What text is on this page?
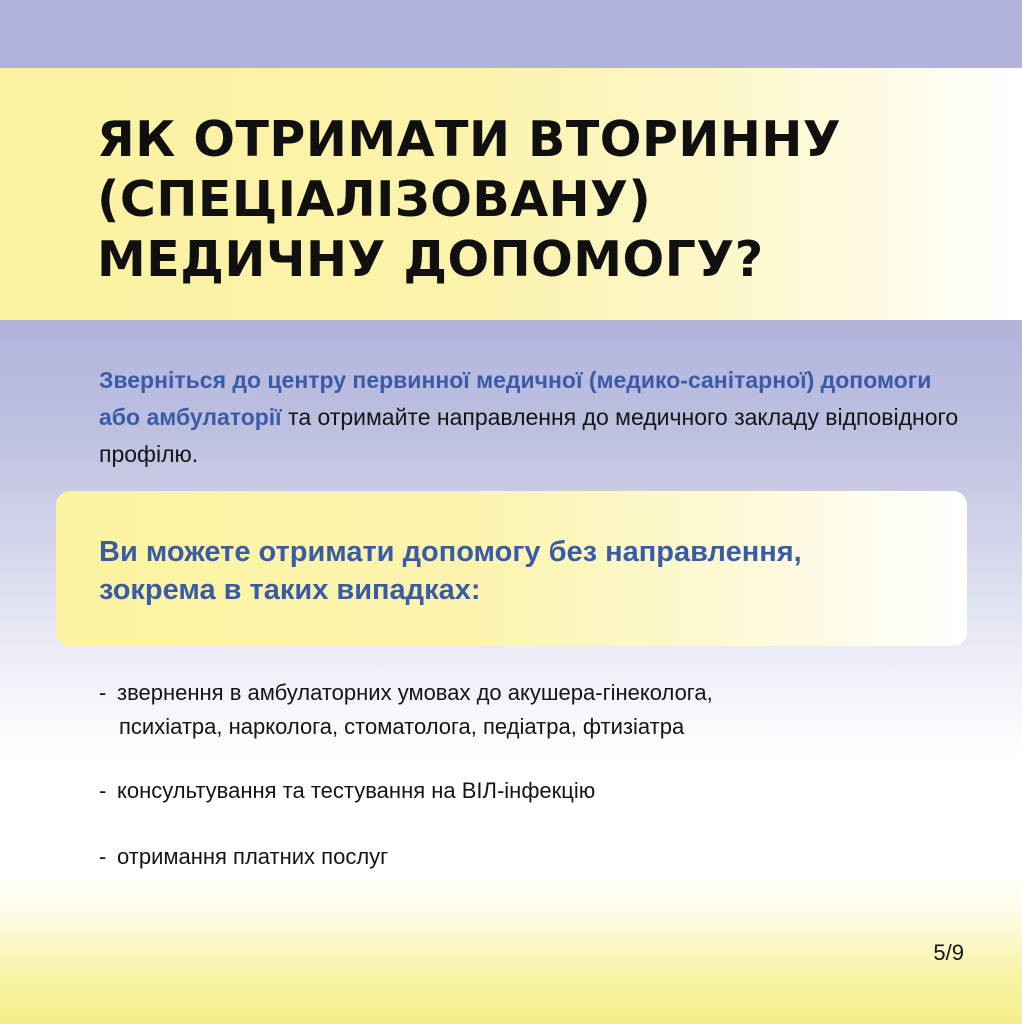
ЯК ОТРИМАТИ ВТОРИННУ
(СПЕЦІАЛІЗОВАНУ)
МЕДИЧНУ ДОПОМОГУ?

Зверніться до центру первинної медичної (медико-санітарної) допомоги або амбулаторії та отримайте направлення до медичного закладу відповідного профілю.

Ви можете отримати допомогу без направлення,
зокрема в таких випадках:

- звернення в амбулаторних умовах до акушера-гінеколога,
психіатра, нарколога, стоматолога, педіатра, фтизіатра
- консультування та тестування на ВІЛ-інфекцію
- отримання платних послуг
5/9
